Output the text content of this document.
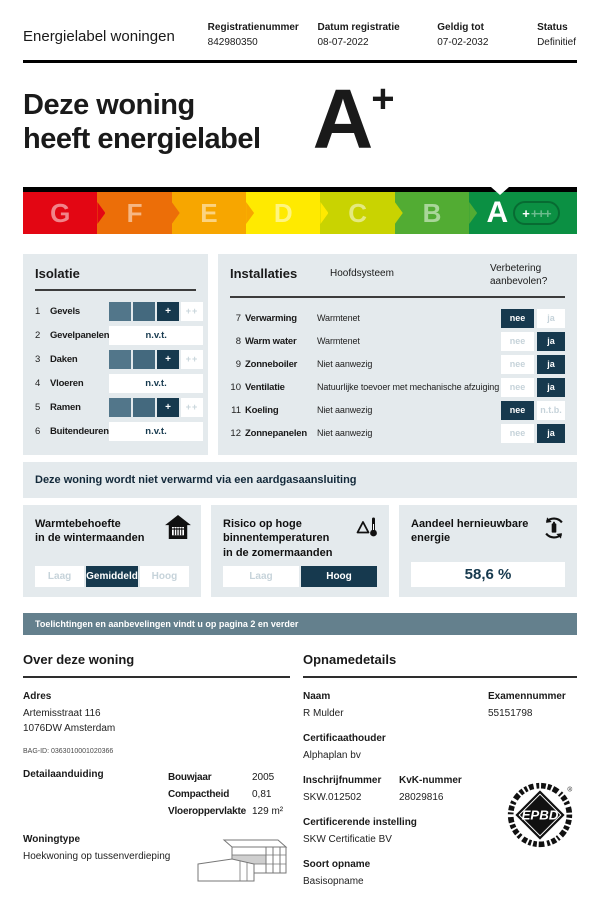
Energielabel woningen
Registratienummer
842980350
Datum registratie
08-07-2022
Geldig tot
07-02-2032
Status
Definitief
Deze woning
heeft energielabel A +
G F E D C B A + +++
Isolatie
1	Gevels	+	++
2	Gevelpanelen	n.v.t.
3	Daken	+	++
4	Vloeren	n.v.t.
5	Ramen	+	++
6	Buitendeuren	n.v.t.
Installaties	Hoofdsysteem	Verbetering aanbevolen?
7 Verwarming	Warmtenet	nee	ja
8 Warm water	Warmtenet	nee	ja
9 Zonneboiler	Niet aanwezig	nee	ja
10 Ventilatie	Natuurlijke toevoer met mechanische afzuiging	nee	ja
11 Koeling	Niet aanwezig	nee	n.t.b.
12 Zonnepanelen	Niet aanwezig	nee	ja
Deze woning wordt niet verwarmd via een aardgasaansluiting
Warmtebehoefte
in de wintermaanden
Laag	Gemiddeld	Hoog
Risico op hoge
binnentemperaturen
in de zomermaanden
Laag	Hoog
Aandeel hernieuwbare
energie
58,6 %
Toelichtingen en aanbevelingen vindt u op pagina 2 en verder
Over deze woning
Adres
Artemisstraat 116
1076DW Amsterdam
BAG-ID: 0363010001020366
Detailaanduiding	Bouwjaar	2005
Compactheid	0,81
Vloeroppervlakte 129 m²
Woningtype
Hoekwoning op tussenverdieping
Opnamedetails
Naam
R Mulder
Examennummer
55151798
Certificaathouder
Alphaplan bv
Inschrijfnummer
SKW.012502
KvK-nummer
28029816
Certificerende instelling
SKW Certificatie BV
Soort opname
Basisopname
EPBD
®
